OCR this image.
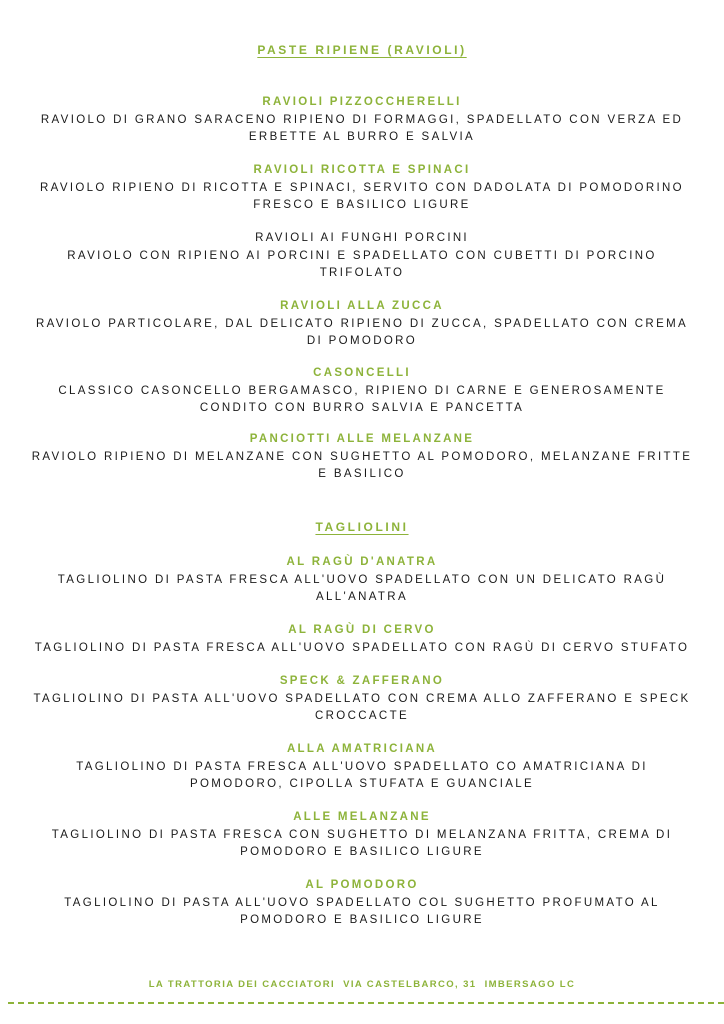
PASTE RIPIENE (RAVIOLI)
RAVIOLI PIZZOCCHERELLI
RAVIOLO DI GRANO SARACENO RIPIENO DI FORMAGGI, SPADELLATO CON VERZA ED ERBETTE AL BURRO E SALVIA
RAVIOLI RICOTTA E SPINACI
RAVIOLO RIPIENO DI RICOTTA E SPINACI, SERVITO CON DADOLATA DI POMODORINO FRESCO E BASILICO LIGURE
RAVIOLI AI FUNGHI PORCINI
RAVIOLO CON RIPIENO AI PORCINI E SPADELLATO CON CUBETTI DI PORCINO TRIFOLATO
RAVIOLI ALLA ZUCCA
RAVIOLO PARTICOLARE, DAL DELICATO RIPIENO DI ZUCCA, SPADELLATO CON CREMA DI POMODORO
CASONCELLI
CLASSICO CASONCELLO BERGAMASCO, RIPIENO DI CARNE E GENEROSAMENTE CONDITO CON BURRO SALVIA E PANCETTA
PANCIOTTI ALLE MELANZANE
RAVIOLO RIPIENO DI MELANZANE CON SUGHETTO AL POMODORO, MELANZANE FRITTE E BASILICO
TAGLIOLINI
AL RAGÙ D'ANATRA
TAGLIOLINO DI PASTA FRESCA ALL'UOVO SPADELLATO CON UN DELICATO RAGÙ ALL'ANATRA
AL RAGÙ DI CERVO
TAGLIOLINO DI PASTA FRESCA ALL'UOVO SPADELLATO CON RAGÙ DI CERVO STUFATO
SPECK & ZAFFERANO
TAGLIOLINO DI PASTA ALL'UOVO SPADELLATO CON CREMA ALLO ZAFFERANO E SPECK CROCCACTE
ALLA AMATRICIANA
TAGLIOLINO DI PASTA FRESCA ALL'UOVO SPADELLATO CO AMATRICIANA DI POMODORO, CIPOLLA STUFATA E GUANCIALE
ALLE MELANZANE
TAGLIOLINO DI PASTA FRESCA CON SUGHETTO DI MELANZANA FRITTA, CREMA DI POMODORO E BASILICO LIGURE
AL POMODORO
TAGLIOLINO DI PASTA ALL'UOVO SPADELLATO COL SUGHETTO PROFUMATO AL POMODORO E BASILICO LIGURE
LA TRATTORIA DEI CACCIATORI  VIA CASTELBARCO, 31  IMBERSAGO LC
